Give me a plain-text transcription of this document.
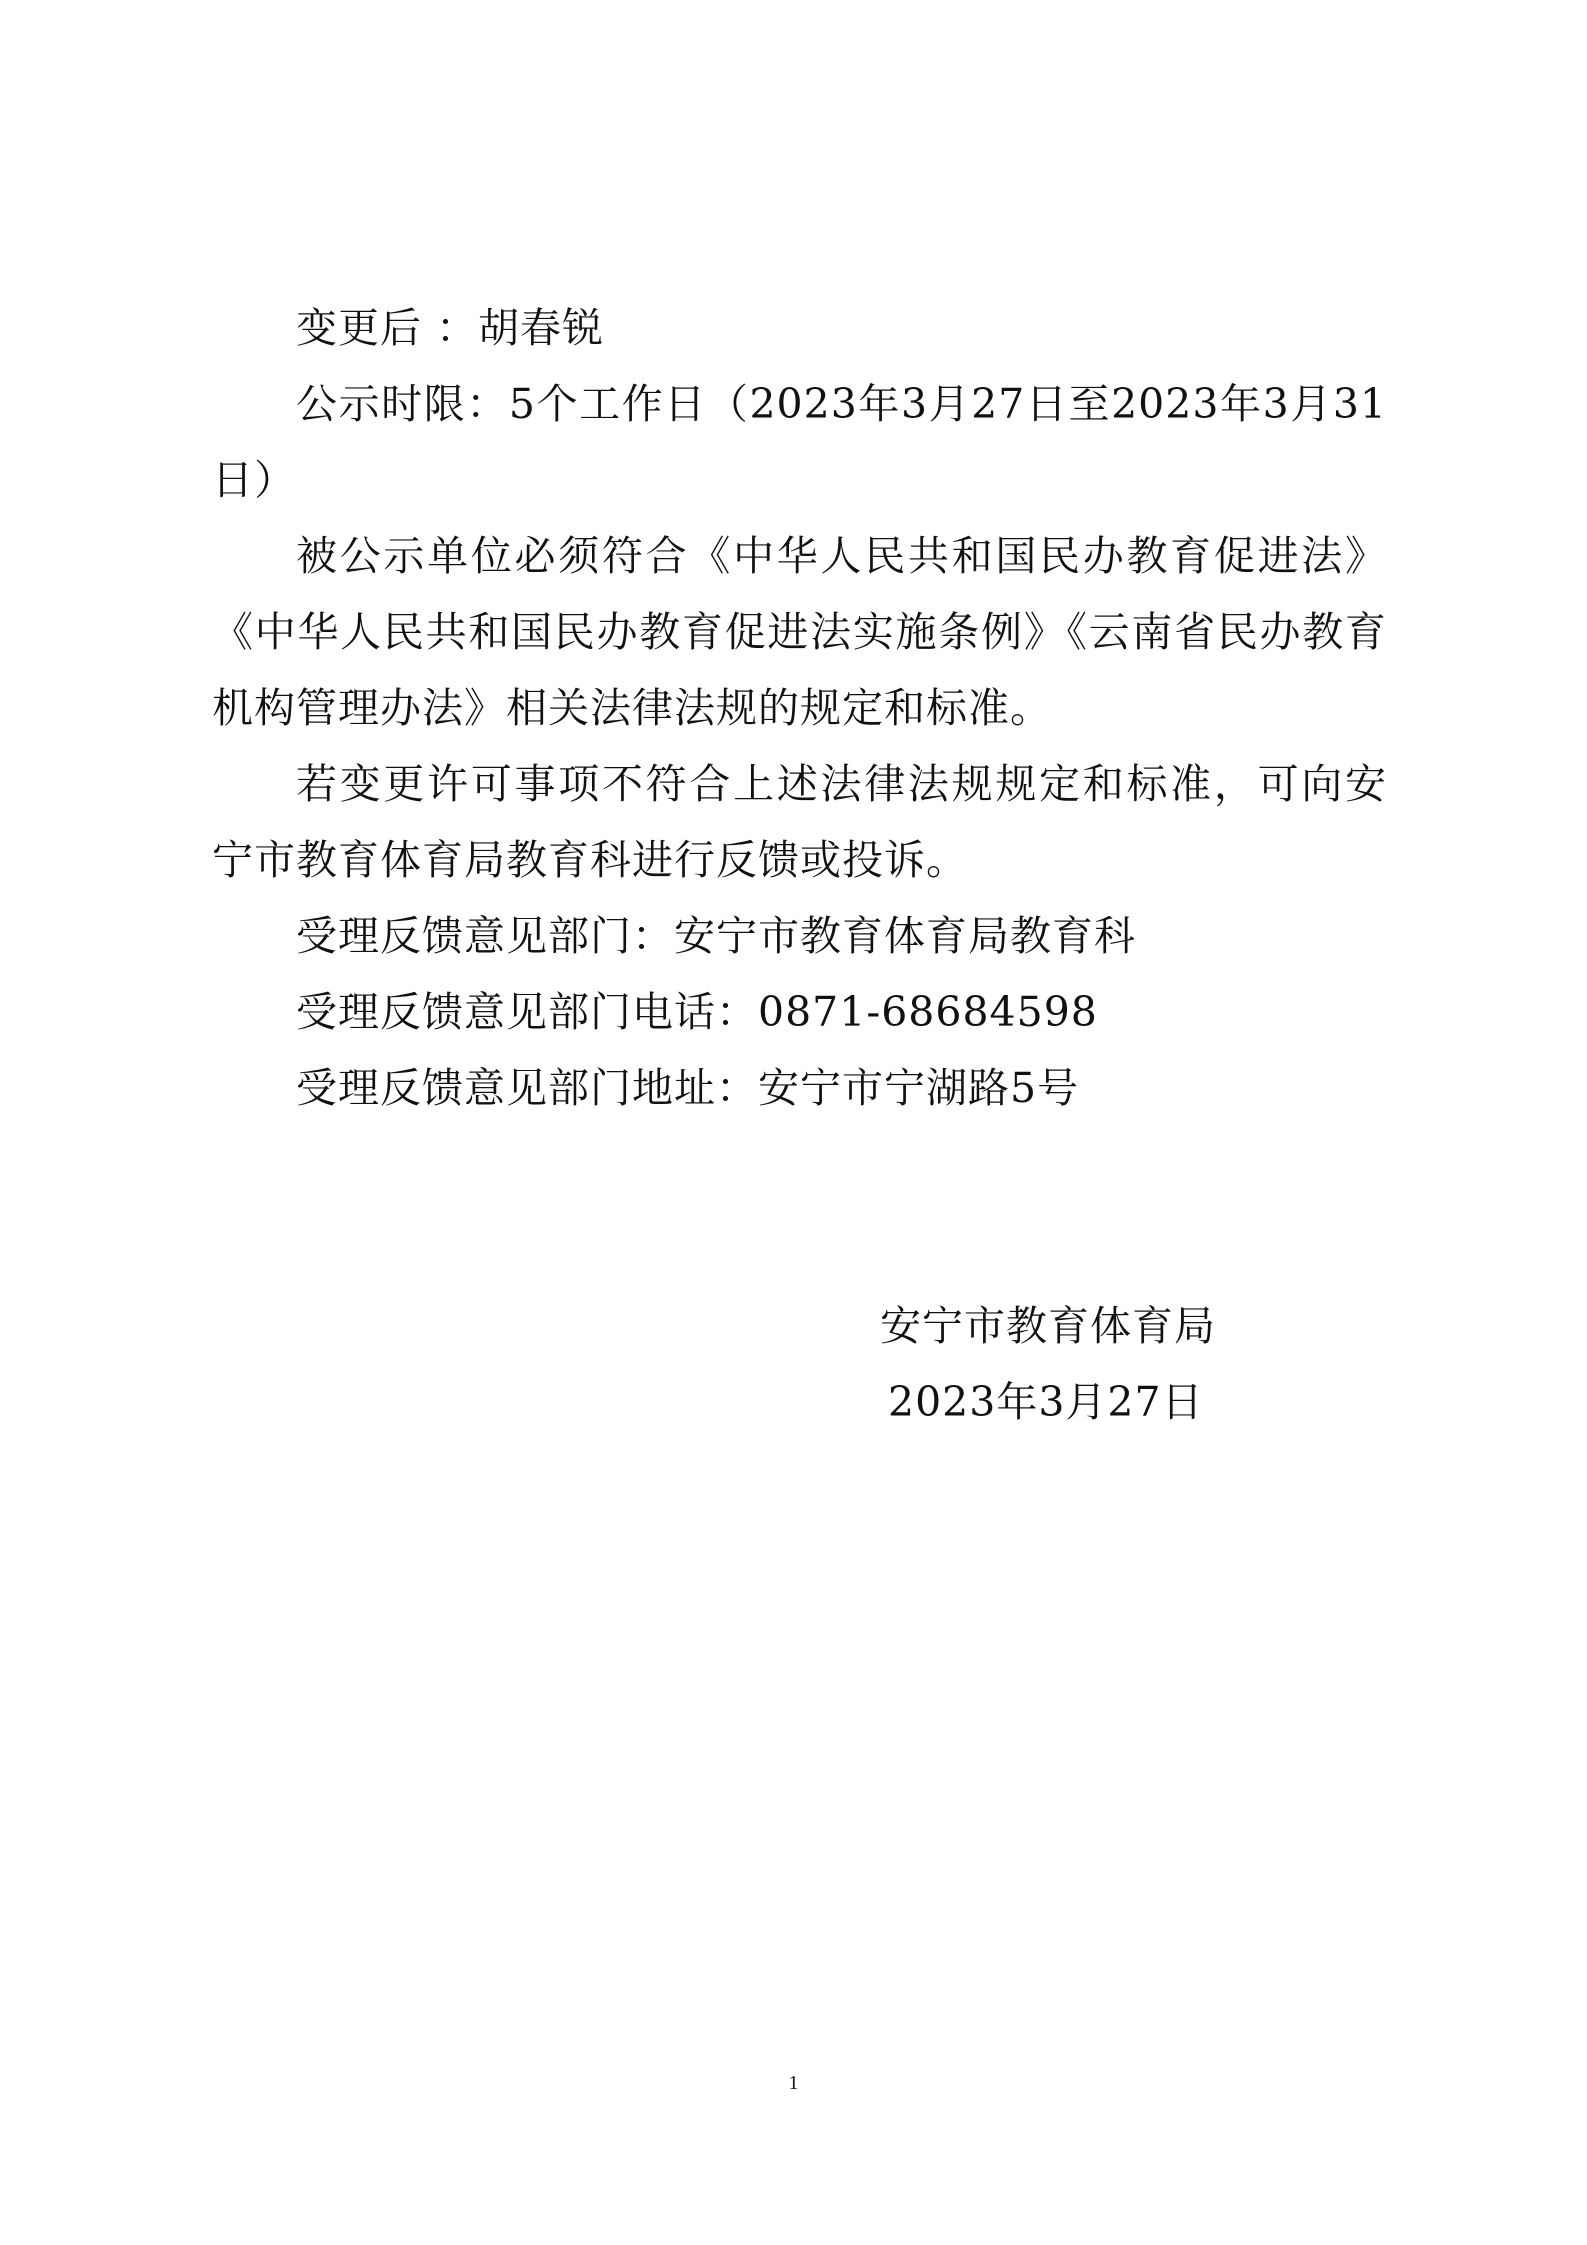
变更后 ：胡春锐

公示时限：5个工作日（2023年3月27日至2023年3月31日）

被公示单位必须符合《中华人民共和国民办教育促进法》《中华人民共和国民办教育促进法实施条例》《云南省民办教育机构管理办法》相关法律法规的规定和标准。

若变更许可事项不符合上述法律法规规定和标准，可向安宁市教育体育局教育科进行反馈或投诉。

受理反馈意见部门：安宁市教育体育局教育科

受理反馈意见部门电话：0871-68684598

受理反馈意见部门地址：安宁市宁湖路5号

安宁市教育体育局
2023年3月27日
1
